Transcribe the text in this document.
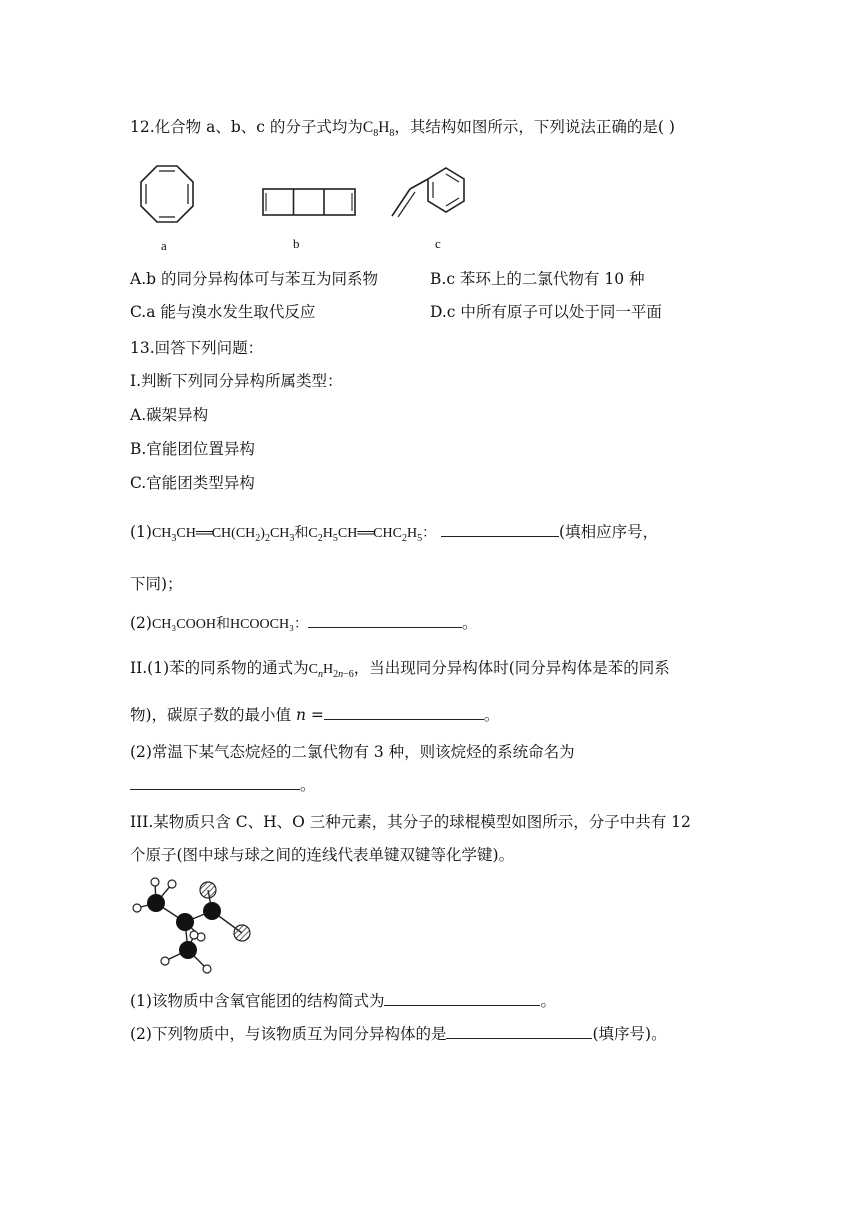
12.化合物 a、b、c 的分子式均为$C_8H_8$，其结构如图所示，下列说法正确的是( )
a	b	c
A.b 的同分异构体可与苯互为同系物	B.c 苯环上的二氯代物有 10 种
C.a 能与溴水发生取代反应	D.c 中所有原子可以处于同一平面
13.回答下列问题：
I.判断下列同分异构所属类型：
A.碳架异构
B.官能团位置异构
C.官能团类型异构
$(1)CH_3CH══CH(CH_2)_2CH_3$和$C_2H_5CH══CHC_2H_5$：	(填相应序号，
下同)；
(2)CH₃COOH和HCOOCH₃：	。
II.(1)苯的同系物的通式为$C_nH_{2n-6}$，当出现同分异构体时(同分异构体是苯的同系
物)，碳原子数的最小值 n =	。
(2)常温下某气态烷烃的二氯代物有 3 种，则该烷烃的系统命名为
。
III.某物质只含 C、H、O 三种元素，其分子的球棍模型如图所示，分子中共有 12
个原子(图中球与球之间的连线代表单键双键等化学键)。
(1)该物质中含氧官能团的结构简式为	。
(2)下列物质中，与该物质互为同分异构体的是	(填序号)。
